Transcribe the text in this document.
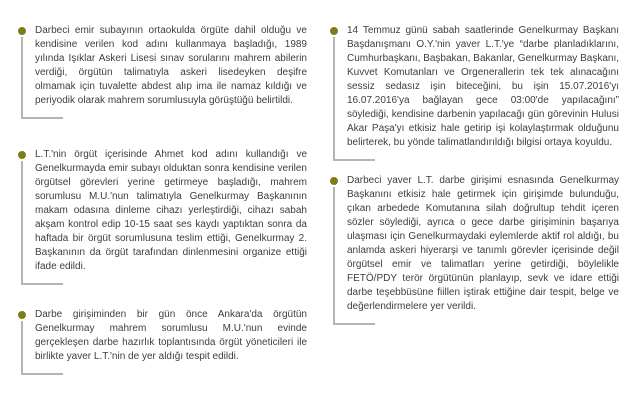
Darbeci emir subayının ortaokulda örgüte dahil olduğu ve kendisine verilen kod adını kullanmaya başladığı, 1989 yılında Işıklar Askeri Lisesi sınav sorularını mahrem abilerin verdiği, örgütün talimatıyla askeri lisedeyken deşifre olmamak için tuvalette abdest alıp ima ile namaz kıldığı ve periyodik olarak mahrem sorumlusuyla görüştüğü belirtildi.

L.T.'nin örgüt içerisinde Ahmet kod adını kullandığı ve Genelkurmayda emir subayı olduktan sonra kendisine verilen örgütsel görevleri yerine getirmeye başladığı, mahrem sorumlusu M.U.'nun talimatıyla Genelkurmay Başkanının makam odasına dinleme cihazı yerleştirdiği, cihazı sabah akşam kontrol edip 10-15 saat ses kaydı yaptıktan sonra da haftada bir örgüt sorumlusuna teslim ettiği, Genelkurmay 2. Başkanının da örgüt tarafından dinlenmesini organize ettiği ifade edildi.

Darbe girişiminden bir gün önce Ankara'da örgütün Genelkurmay mahrem sorumlusu M.U.'nun evinde gerçekleşen darbe hazırlık toplantısında örgüt yöneticileri ile birlikte yaver L.T.'nin de yer aldığı tespit edildi.

14 Temmuz günü sabah saatlerinde Genelkurmay Başkanı Başdanışmanı O.Y.'nin yaver L.T.'ye “darbe planladıklarını, Cumhurbaşkanı, Başbakan, Bakanlar, Genelkurmay Başkanı, Kuvvet Komutanları ve Orgenerallerin tek tek alınacağını sessiz sedasız işin biteceğini, bu işin 15.07.2016'yı 16.07.2016'ya bağlayan gece 03:00'de yapılacağını” söylediği, kendisine darbenin yapılacağı gün görevinin Hulusi Akar Paşa'yı etkisiz hale getirip işi kolaylaştırmak olduğunu belirterek, bu yönde talimatlandırıldığı bilgisi ortaya koyuldu.

Darbeci yaver L.T. darbe girişimi esnasında Genelkurmay Başkanını etkisiz hale getirmek için girişimde bulunduğu, çıkan arbedede Komutanına silah doğrultup tehdit içeren sözler söylediği, ayrıca o gece darbe girişiminin başarıya ulaşması için Genelkurmaydaki eylemlerde aktif rol aldığı, bu anlamda askeri hiyerarşi ve tanımlı görevler içerisinde değil örgütsel emir ve talimatları yerine getirdiği, böylelikle FETÖ/PDY terör örgütünün planlayıp, sevk ve idare ettiği darbe teşebbüsüne fiillen iştirak ettiğine dair tespit, belge ve değerlendirmelere yer verildi.
